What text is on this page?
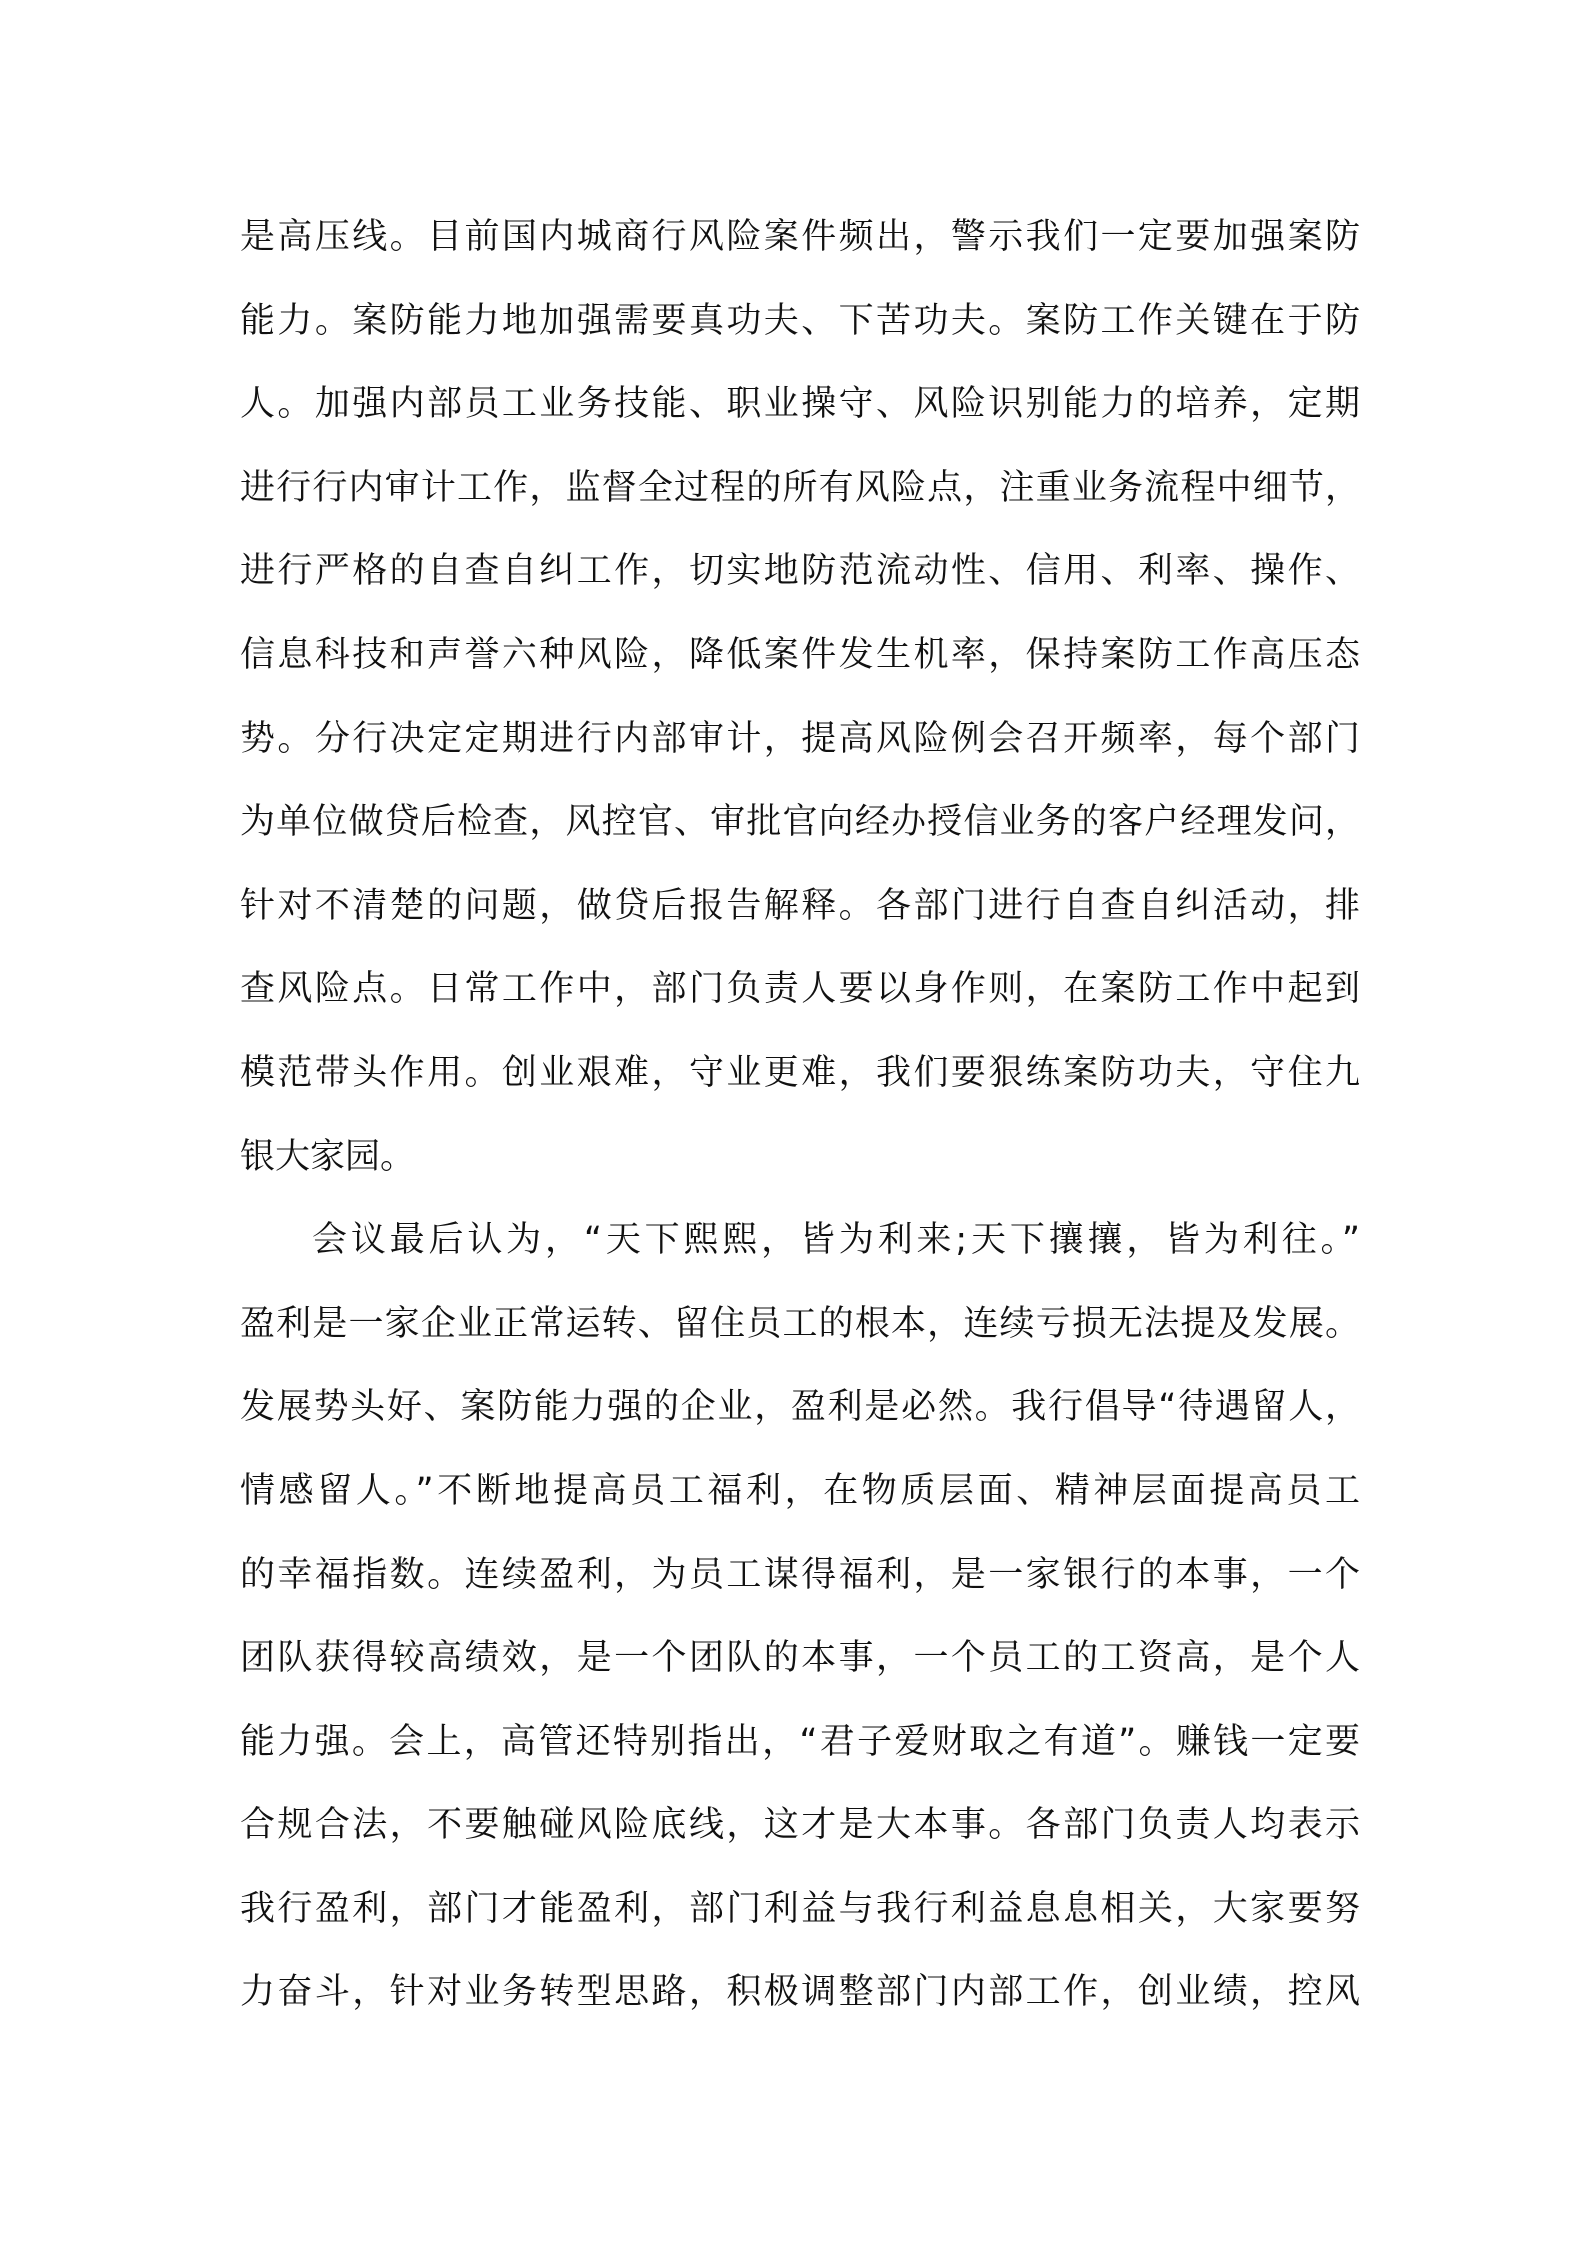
是高压线。目前国内城商行风险案件频出，警示我们一定要加强案防
能力。案防能力地加强需要真功夫、下苦功夫。案防工作关键在于防
人。加强内部员工业务技能、职业操守、风险识别能力的培养，定期
进行行内审计工作，监督全过程的所有风险点，注重业务流程中细节，
进行严格的自查自纠工作，切实地防范流动性、信用、利率、操作、
信息科技和声誉六种风险，降低案件发生机率，保持案防工作高压态
势。分行决定定期进行内部审计，提高风险例会召开频率，每个部门
为单位做贷后检查，风控官、审批官向经办授信业务的客户经理发问，
针对不清楚的问题，做贷后报告解释。各部门进行自查自纠活动，排
查风险点。日常工作中，部门负责人要以身作则，在案防工作中起到
模范带头作用。创业艰难，守业更难，我们要狠练案防功夫，守住九
银大家园。
会议最后认为，“天下熙熙，皆为利来;天下攘攘，皆为利往。”
盈利是一家企业正常运转、留住员工的根本，连续亏损无法提及发展。
发展势头好、案防能力强的企业，盈利是必然。我行倡导“待遇留人，
情感留人。”不断地提高员工福利，在物质层面、精神层面提高员工
的幸福指数。连续盈利，为员工谋得福利，是一家银行的本事，一个
团队获得较高绩效，是一个团队的本事，一个员工的工资高，是个人
能力强。会上，高管还特别指出，“君子爱财取之有道”。赚钱一定要
合规合法，不要触碰风险底线，这才是大本事。各部门负责人均表示
我行盈利，部门才能盈利，部门利益与我行利益息息相关，大家要努
力奋斗，针对业务转型思路，积极调整部门内部工作，创业绩，控风
